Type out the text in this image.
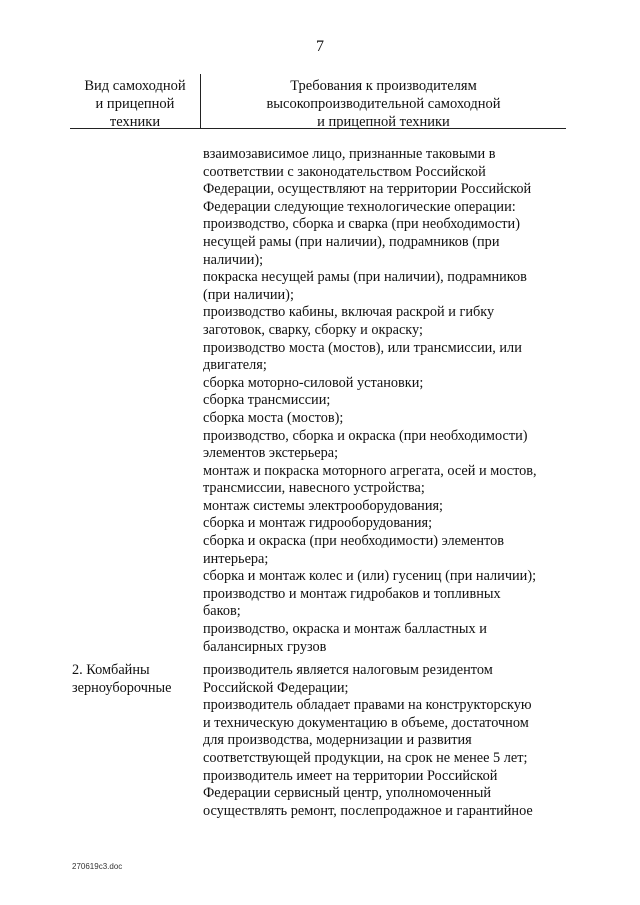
7
Вид самоходной
и прицепной
техники
Требования к производителям
высокопроизводительной самоходной
и прицепной техники
взаимозависимое лицо, признанные таковыми в
соответствии с законодательством Российской
Федерации, осуществляют на территории Российской
Федерации следующие технологические операции:
производство, сборка и сварка (при необходимости)
несущей рамы (при наличии), подрамников (при
наличии);
покраска несущей рамы (при наличии), подрамников
(при наличии);
производство кабины, включая раскрой и гибку
заготовок, сварку, сборку и окраску;
производство моста (мостов), или трансмиссии, или
двигателя;
сборка моторно-силовой установки;
сборка трансмиссии;
сборка моста (мостов);
производство, сборка и окраска (при необходимости)
элементов экстерьера;
монтаж и покраска моторного агрегата, осей и мостов,
трансмиссии, навесного устройства;
монтаж системы электрооборудования;
сборка и монтаж гидрооборудования;
сборка и окраска (при необходимости) элементов
интерьера;
сборка и монтаж колес и (или) гусениц (при наличии);
производство и монтаж гидробаков и топливных
баков;
производство, окраска и монтаж балластных и
балансирных грузов
2. Комбайны
зерноуборочные
производитель является налоговым резидентом
Российской Федерации;
производитель обладает правами на конструкторскую
и техническую документацию в объеме, достаточном
для производства, модернизации и развития
соответствующей продукции, на срок не менее 5 лет;
производитель имеет на территории Российской
Федерации сервисный центр, уполномоченный
осуществлять ремонт, послепродажное и гарантийное
270619c3.doc
